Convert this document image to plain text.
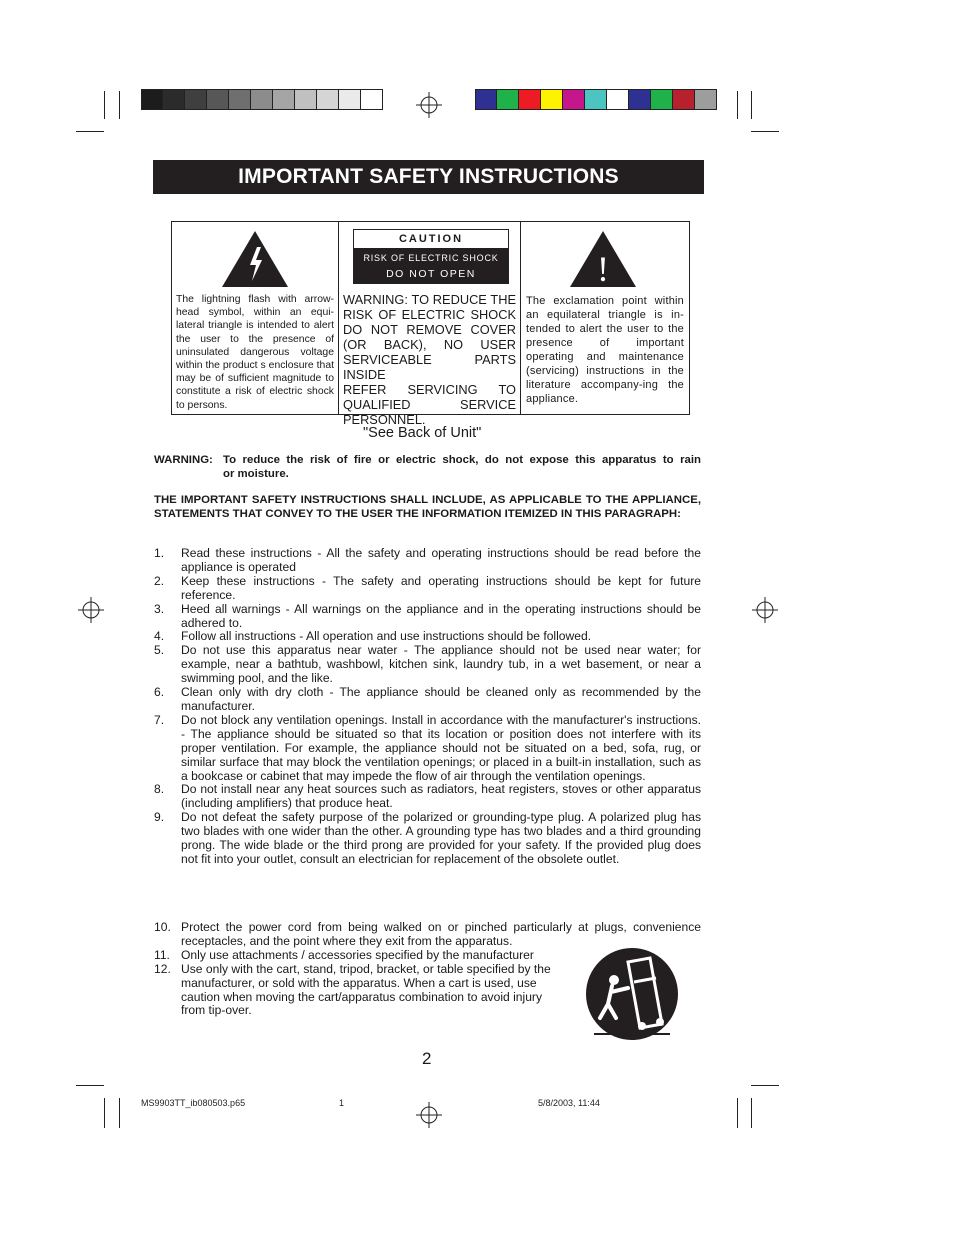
IMPORTANT SAFETY INSTRUCTIONS
The lightning flash with arrow-head symbol, within an equi-lateral triangle is intended to alert the user to the presence of uninsulated dangerous voltage within the product s enclosure that may be of sufficient magnitude to constitute a risk of electric shock to persons.
CAUTION
RISK OF ELECTRIC SHOCK
DO NOT OPEN
WARNING: TO REDUCE THE
RISK OF ELECTRIC SHOCK
DO NOT REMOVE COVER
(OR BACK), NO USER
SERVICEABLE PARTS INSIDE
REFER SERVICING TO
QUALIFIED SERVICE
PERSONNEL.
!
The exclamation point within an equilateral triangle is in-tended to alert the user to the presence of important operating and maintenance (servicing) instructions in the literature accompany-ing the appliance.
"See Back of Unit"
WARNING: To reduce the risk of fire or electric shock, do not expose this apparatus to rain
or moisture.
THE IMPORTANT SAFETY INSTRUCTIONS SHALL INCLUDE, AS APPLICABLE TO THE APPLIANCE, STATEMENTS THAT CONVEY TO THE USER THE INFORMATION ITEMIZED IN THIS PARAGRAPH:
1. Read these instructions - All the safety and operating instructions should be read before the appliance is operated
2. Keep these instructions - The safety and operating instructions should be kept for future reference.
3. Heed all warnings - All warnings on the appliance and in the operating instructions should be adhered to.
4. Follow all instructions - All operation and use instructions should be followed.
5. Do not use this apparatus near water - The appliance should not be used near water; for example, near a bathtub, washbowl, kitchen sink, laundry tub, in a wet basement, or near a swimming pool, and the like.
6. Clean only with dry cloth - The appliance should be cleaned only as recommended by the manufacturer.
7. Do not block any ventilation openings. Install in accordance with the manufacturer's instructions. - The appliance should be situated so that its location or position does not interfere with its proper ventilation. For example, the appliance should not be situated on a bed, sofa, rug, or similar surface that may block the ventilation openings; or placed in a built-in installation, such as a bookcase or cabinet that may impede the flow of air through the ventilation openings.
8. Do not install near any heat sources such as radiators, heat registers, stoves or other apparatus (including amplifiers) that produce heat.
9. Do not defeat the safety purpose of the polarized or grounding-type plug. A polarized plug has two blades with one wider than the other. A grounding type has two blades and a third grounding prong. The wide blade or the third prong are provided for your safety. If the provided plug does not fit into your outlet, consult an electrician for replacement of the obsolete outlet.
10. Protect the power cord from being walked on or pinched particularly at plugs, convenience receptacles, and the point where they exit from the apparatus.
11. Only use attachments / accessories specified by the manufacturer
12. Use only with the cart, stand, tripod, bracket, or table specified by the manufacturer, or sold with the apparatus. When a cart is used, use caution when moving the cart/apparatus combination to avoid injury from tip-over.
2
MS9903TT_ib080503.p65	1	5/8/2003, 11:44
